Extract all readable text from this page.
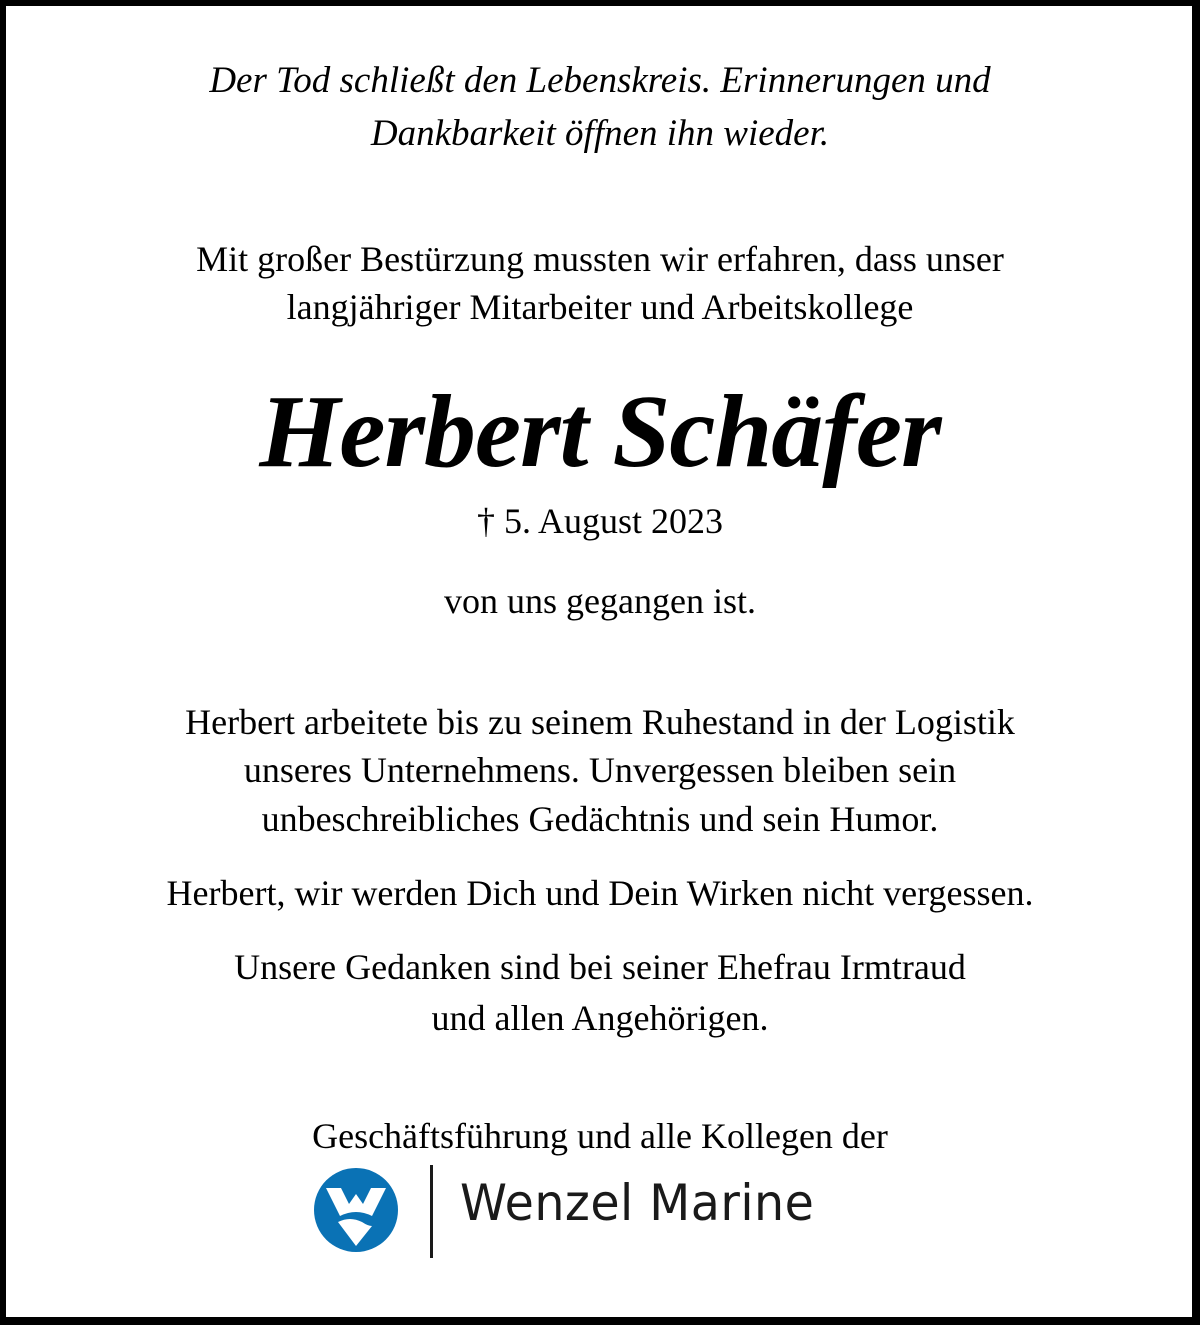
Der Tod schließt den Lebenskreis. Erinnerungen und
Dankbarkeit öffnen ihn wieder.
Mit großer Bestürzung mussten wir erfahren, dass unser
langjähriger Mitarbeiter und Arbeitskollege
Herbert Schäfer
† 5. August 2023
von uns gegangen ist.
Herbert arbeitete bis zu seinem Ruhestand in der Logistik
unseres Unternehmens. Unvergessen bleiben sein
unbeschreibliches Gedächtnis und sein Humor.
Herbert, wir werden Dich und Dein Wirken nicht vergessen.
Unsere Gedanken sind bei seiner Ehefrau Irmtraud
und allen Angehörigen.
Geschäftsführung und alle Kollegen der
Wenzel Marine
